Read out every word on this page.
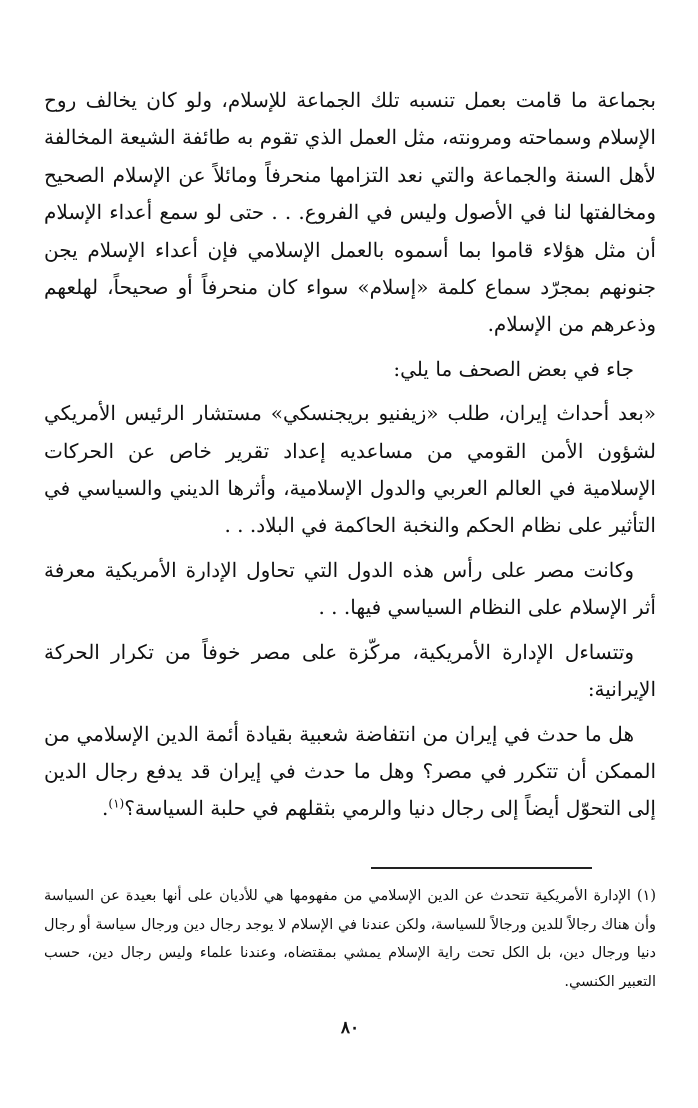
بجماعة ما قامت بعمل تنسبه تلك الجماعة للإسلام، ولو كان يخالف روح الإسلام وسماحته ومرونته، مثل العمل الذي تقوم به طائفة الشيعة المخالفة لأهل السنة والجماعة والتي نعد التزامها منحرفاً ومائلاً عن الإسلام الصحيح ومخالفتها لنا في الأصول وليس في الفروع. . . حتى لو سمع أعداء الإسلام أن مثل هؤلاء قاموا بما أسموه بالعمل الإسلامي فإن أعداء الإسلام يجن جنونهم بمجرّد سماع كلمة «إسلام» سواء كان منحرفاً أو صحيحاً، لهلعهم وذعرهم من الإسلام.

جاء في بعض الصحف ما يلي:

«بعد أحداث إيران، طلب «زيفنيو بريجنسكي» مستشار الرئيس الأمريكي لشؤون الأمن القومي من مساعديه إعداد تقرير خاص عن الحركات الإسلامية في العالم العربي والدول الإسلامية، وأثرها الديني والسياسي في التأثير على نظام الحكم والنخبة الحاكمة في البلاد. . .

وكانت مصر على رأس هذه الدول التي تحاول الإدارة الأمريكية معرفة أثر الإسلام على النظام السياسي فيها. . .

وتتساءل الإدارة الأمريكية، مركّزة على مصر خوفاً من تكرار الحركة الإيرانية:

هل ما حدث في إيران من انتفاضة شعبية بقيادة أئمة الدين الإسلامي من الممكن أن تتكرر في مصر؟ وهل ما حدث في إيران قد يدفع رجال الدين إلى التحوّل أيضاً إلى رجال دنيا والرمي بثقلهم في حلبة السياسة؟$^{(١)}$.

(١)الإدارة الأمريكية تتحدث عن الدين الإسلامي من مفهومها هي للأديان على أنها بعيدة عن السياسة وأن هناك رجالاً للدين ورجالاً للسياسة، ولكن عندنا في الإسلام لا يوجد رجال دين ورجال سياسة أو رجال دنيا ورجال دين، بل الكل تحت راية الإسلام يمشي بمقتضاه، وعندنا علماء وليس رجال دين، حسب التعبير الكنسي.

٨٠
